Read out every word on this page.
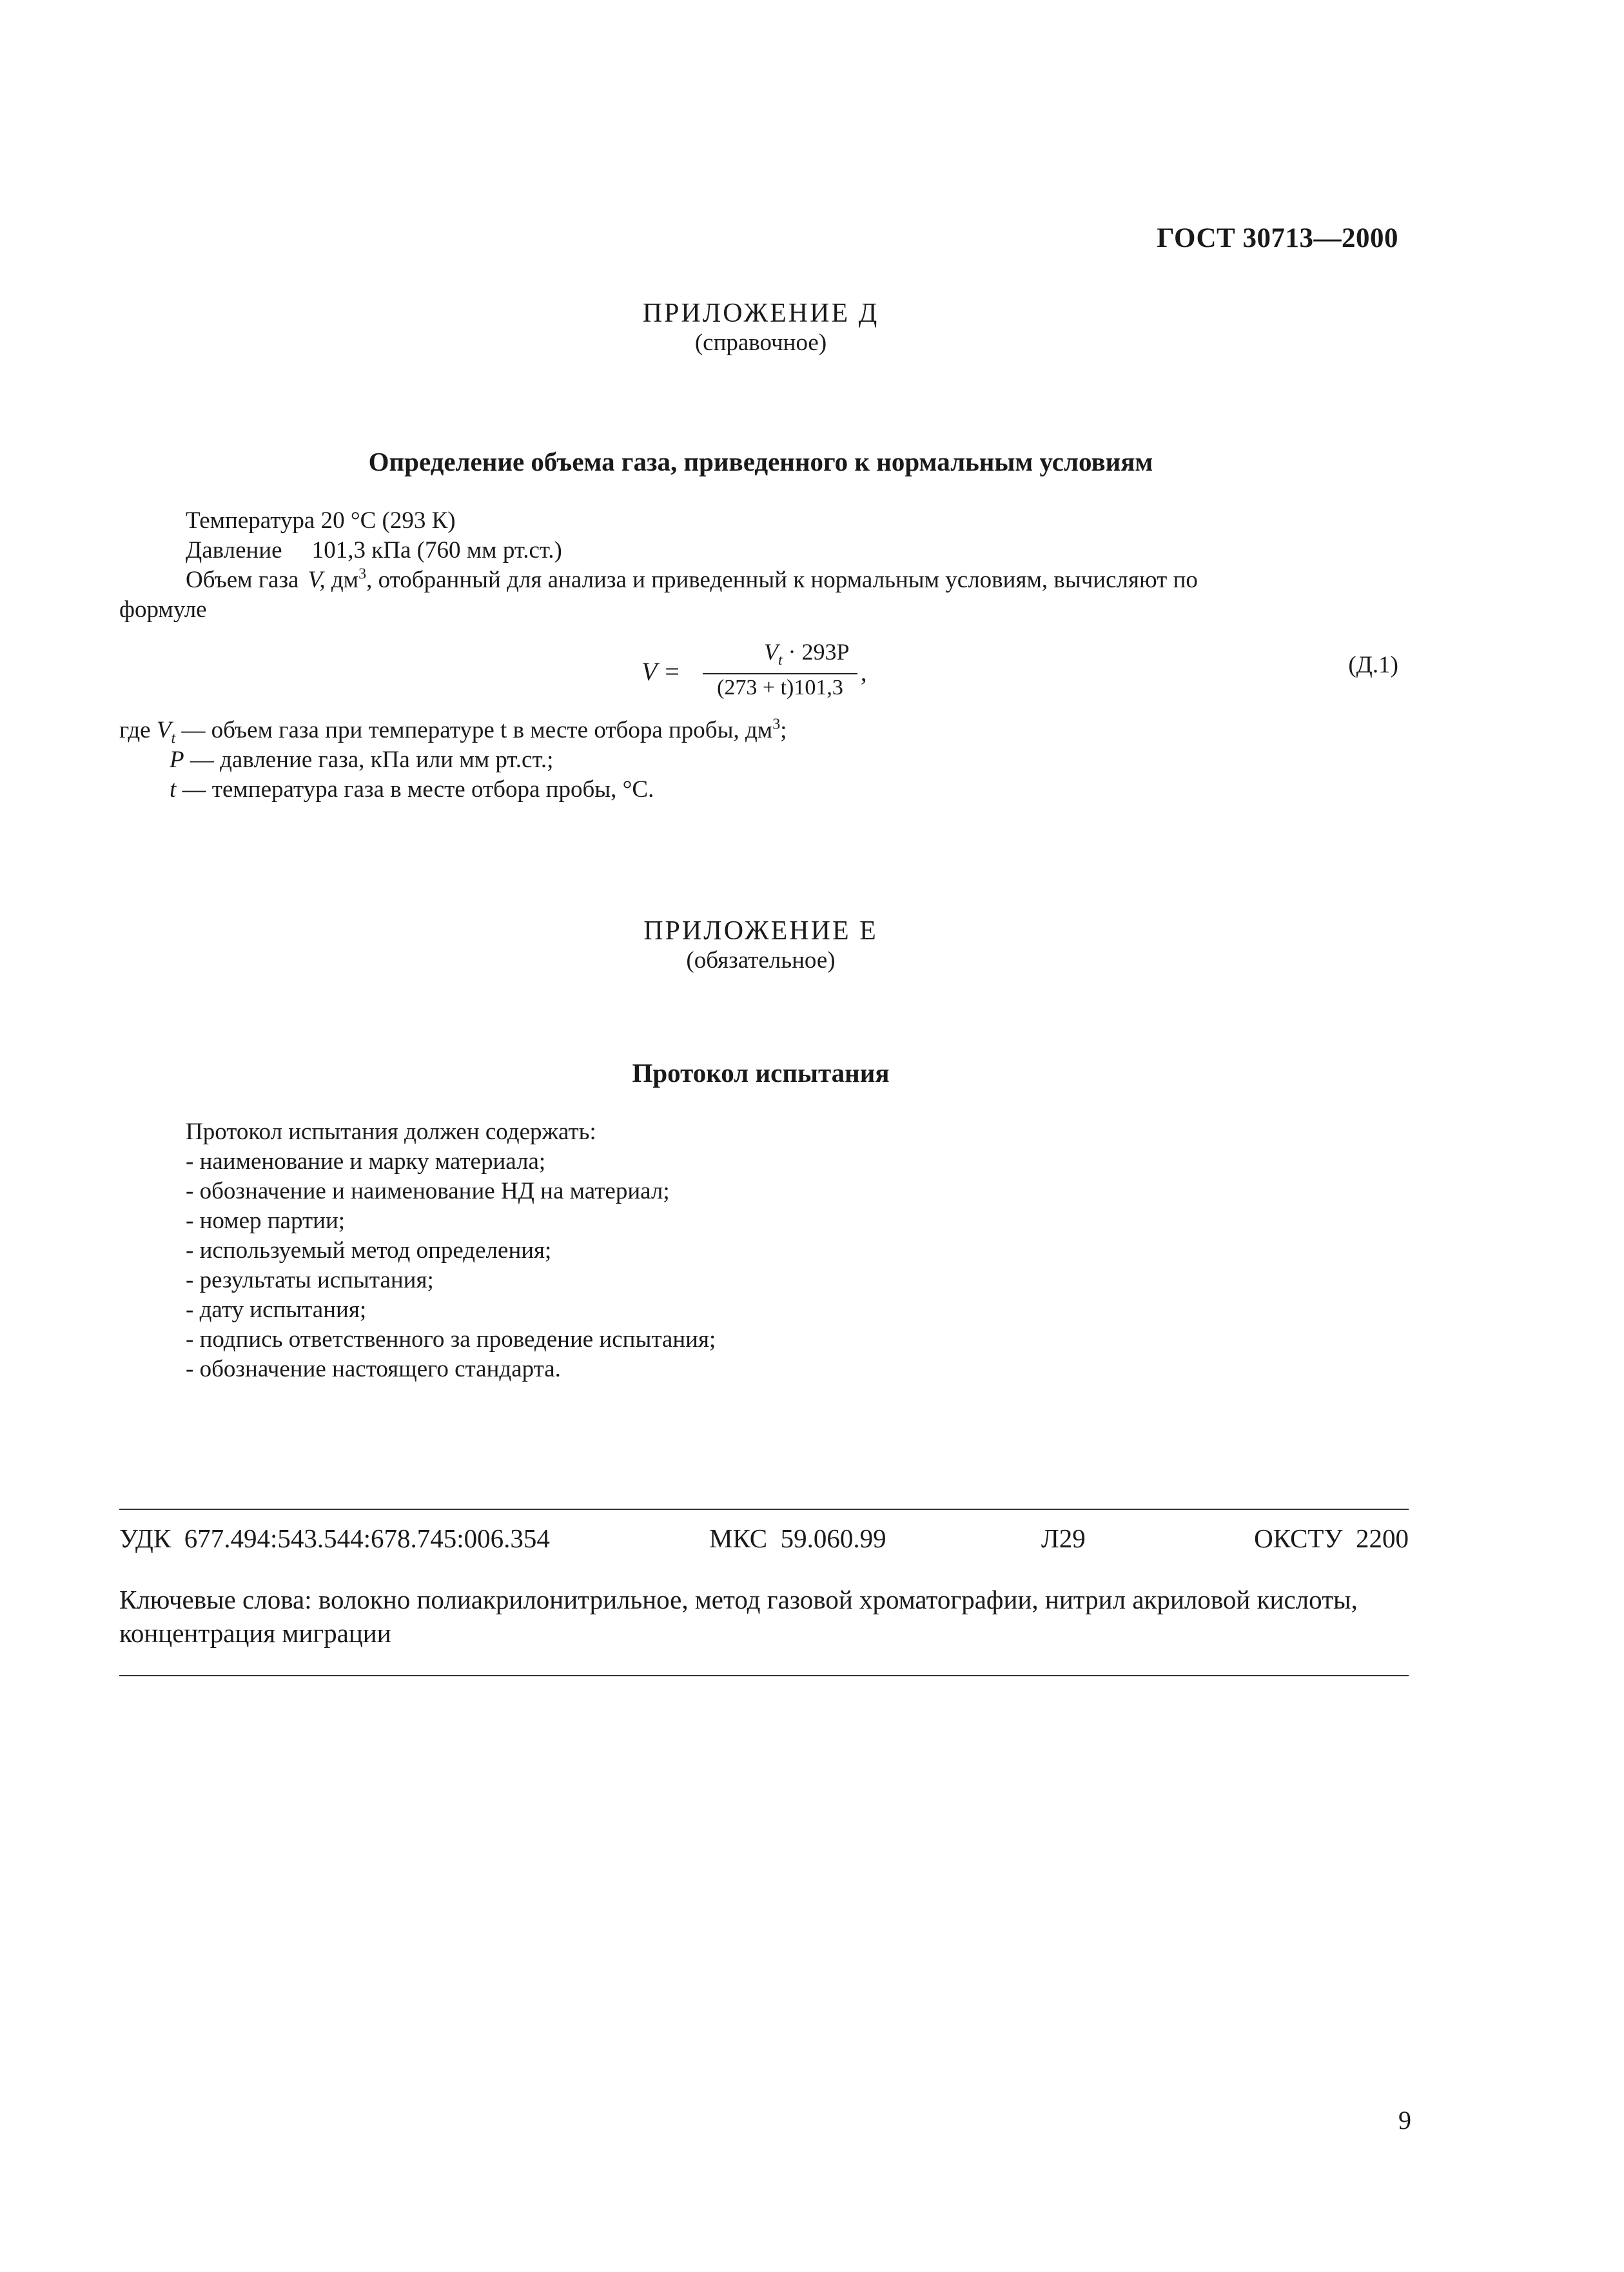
ГОСТ 30713—2000
ПРИЛОЖЕНИЕ Д
(справочное)
Определение объема газа, приведенного к нормальным условиям
Температура 20 °С (293 К)
Давление     101,3 кПа (760 мм рт.ст.)
Объем газа V, $дм^3$, отобранный для анализа и приведенный к нормальным условиям, вычисляют по
формуле
V =
$V_t \cdot 293P$
(273 + t)101,3
,	(Д.1)
где $V_t$ — объем газа при температуре t в месте отбора пробы, $дм^3$;
P — давление газа, кПа или мм рт.ст.;
t — температура газа в месте отбора пробы, °С.
ПРИЛОЖЕНИЕ Е
(обязательное)
Протокол испытания
Протокол испытания должен содержать:
- наименование и марку материала;
- обозначение и наименование НД на материал;
- номер партии;
- используемый метод определения;
- результаты испытания;
- дату испытания;
- подпись ответственного за проведение испытания;
- обозначение настоящего стандарта.
УДК  677.494:543.544:678.745:006.354	МКС  59.060.99	Л29	ОКСТУ  2200
Ключевые слова: волокно полиакрилонитрильное, метод газовой хроматографии, нитрил акриловой кислоты, концентрация миграции
9
